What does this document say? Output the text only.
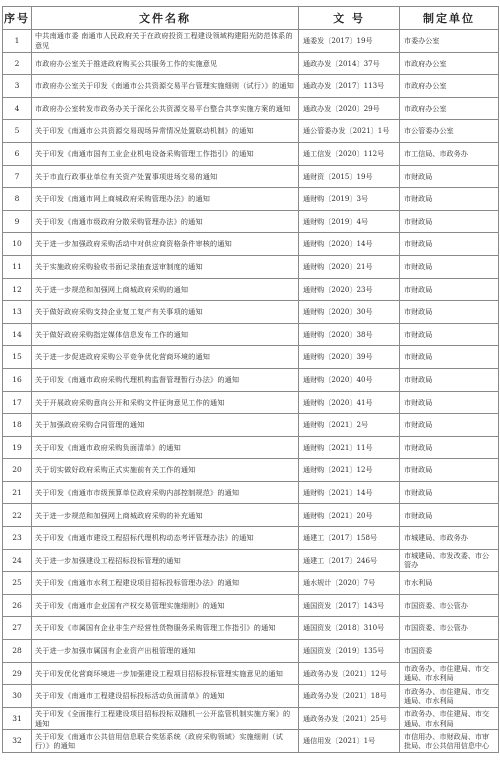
序号	文件名称	文 号	制定单位
1	中共南通市委 南通市人民政府关于在政府投资工程建设领域构建阳光防范体系的意见	通委发〔2017〕19号	市委办公室
2	市政府办公室关于推进政府购买公共服务工作的实施意见	通政办发〔2014〕37号	市政府办公室
3	市政府办公室关于印发《南通市公共资源交易平台管理实施细则（试行）》的通知	通政办发〔2017〕113号	市政府办公室
4	市政府办公室转发市政务办关于深化公共资源交易平台整合共享实施方案的通知	通政办发〔2020〕29号	市政府办公室
5	关于印发《南通市公共资源交易现场异常情况处置联动机制》的通知	通公管委办发〔2021〕1号	市公管委办公室
6	关于印发《南通市国有工业企业机电设备采购管理工作指引》的通知	通工信发〔2020〕112号	市工信局、市政务办
7	关于市直行政事业单位有关资产处置事项进场交易的通知	通财资〔2015〕19号	市财政局
8	关于印发《南通市网上商城政府采购管理办法》的通知	通财购〔2019〕3号	市财政局
9	关于印发《南通市级政府分散采购管理办法》的通知	通财购〔2019〕4号	市财政局
10	关于进一步加强政府采购活动中对供应商资格条件审核的通知	通财购〔2020〕14号	市财政局
11	关于实施政府采购验收书面记录抽查送审制度的通知	通财购〔2020〕21号	市财政局
12	关于进一步规范和加强网上商城政府采购的通知	通财购〔2020〕23号	市财政局
13	关于做好政府采购支持企业复工复产有关事项的通知	通财购〔2020〕30号	市财政局
14	关于做好政府采购指定媒体信息发布工作的通知	通财购〔2020〕38号	市财政局
15	关于进一步促进政府采购公平竞争优化营商环境的通知	通财购〔2020〕39号	市财政局
16	关于印发《南通市政府采购代理机构监督管理暂行办法》的通知	通财购〔2020〕40号	市财政局
17	关于开展政府采购意向公开和采购文件征询意见工作的通知	通财购〔2020〕41号	市财政局
18	关于加强政府采购合同管理的通知	通财购〔2021〕2号	市财政局
19	关于印发《南通市政府采购负面清单》的通知	通财购〔2021〕11号	市财政局
20	关于切实做好政府采购正式实施前有关工作的通知	通财购〔2021〕12号	市财政局
21	关于印发《南通市市级预算单位政府采购内部控制规范》的通知	通财购〔2021〕14号	市财政局
22	关于进一步规范和加强网上商城政府采购的补充通知	通财购〔2021〕20号	市财政局
23	关于印发《南通市建设工程招标代理机构动态考评管理办法》的通知	通建工〔2017〕158号	市城建局、市政务办
24	关于进一步加强建设工程招标投标管理的通知	通建工〔2017〕246号	市城建局、市发改委、市公管办
25	关于印发《南通市水利工程建设项目招标投标管理办法》的通知	通水规计〔2020〕7号	市水利局
26	关于印发《南通市企业国有产权交易管理实施细则》的通知	通国资发〔2017〕143号	市国资委、市公管办
27	关于印发《市属国有企业非生产经营性货物服务采购管理工作指引》的通知	通国资发〔2018〕310号	市国资委、市公管办
28	关于进一步加强市属国有企业资产出租管理的通知	通国资发〔2019〕135号	市国资委
29	关于印发优化营商环境进一步加强建设工程项目招标投标管理实施意见的通知	通政务办发〔2021〕12号	市政务办、市住建局、市交通局、市水利局
30	关于印发《南通市工程建设招标投标活动负面清单》的通知	通政务办发〔2021〕18号	市政务办、市住建局、市交通局、市水利局
31	关于印发《全面推行工程建设项目招标投标双随机一公开监管机制实施方案》的通知	通政务办发〔2021〕25号	市政务办、市住建局、市交通局、市水利局
32	关于印发《南通市公共信用信息联合奖惩系统（政府采购领域）实施细则（试行）》的通知	通信用发〔2021〕1号	市信用办、市财政局、市审批局、市公共信用信息中心
